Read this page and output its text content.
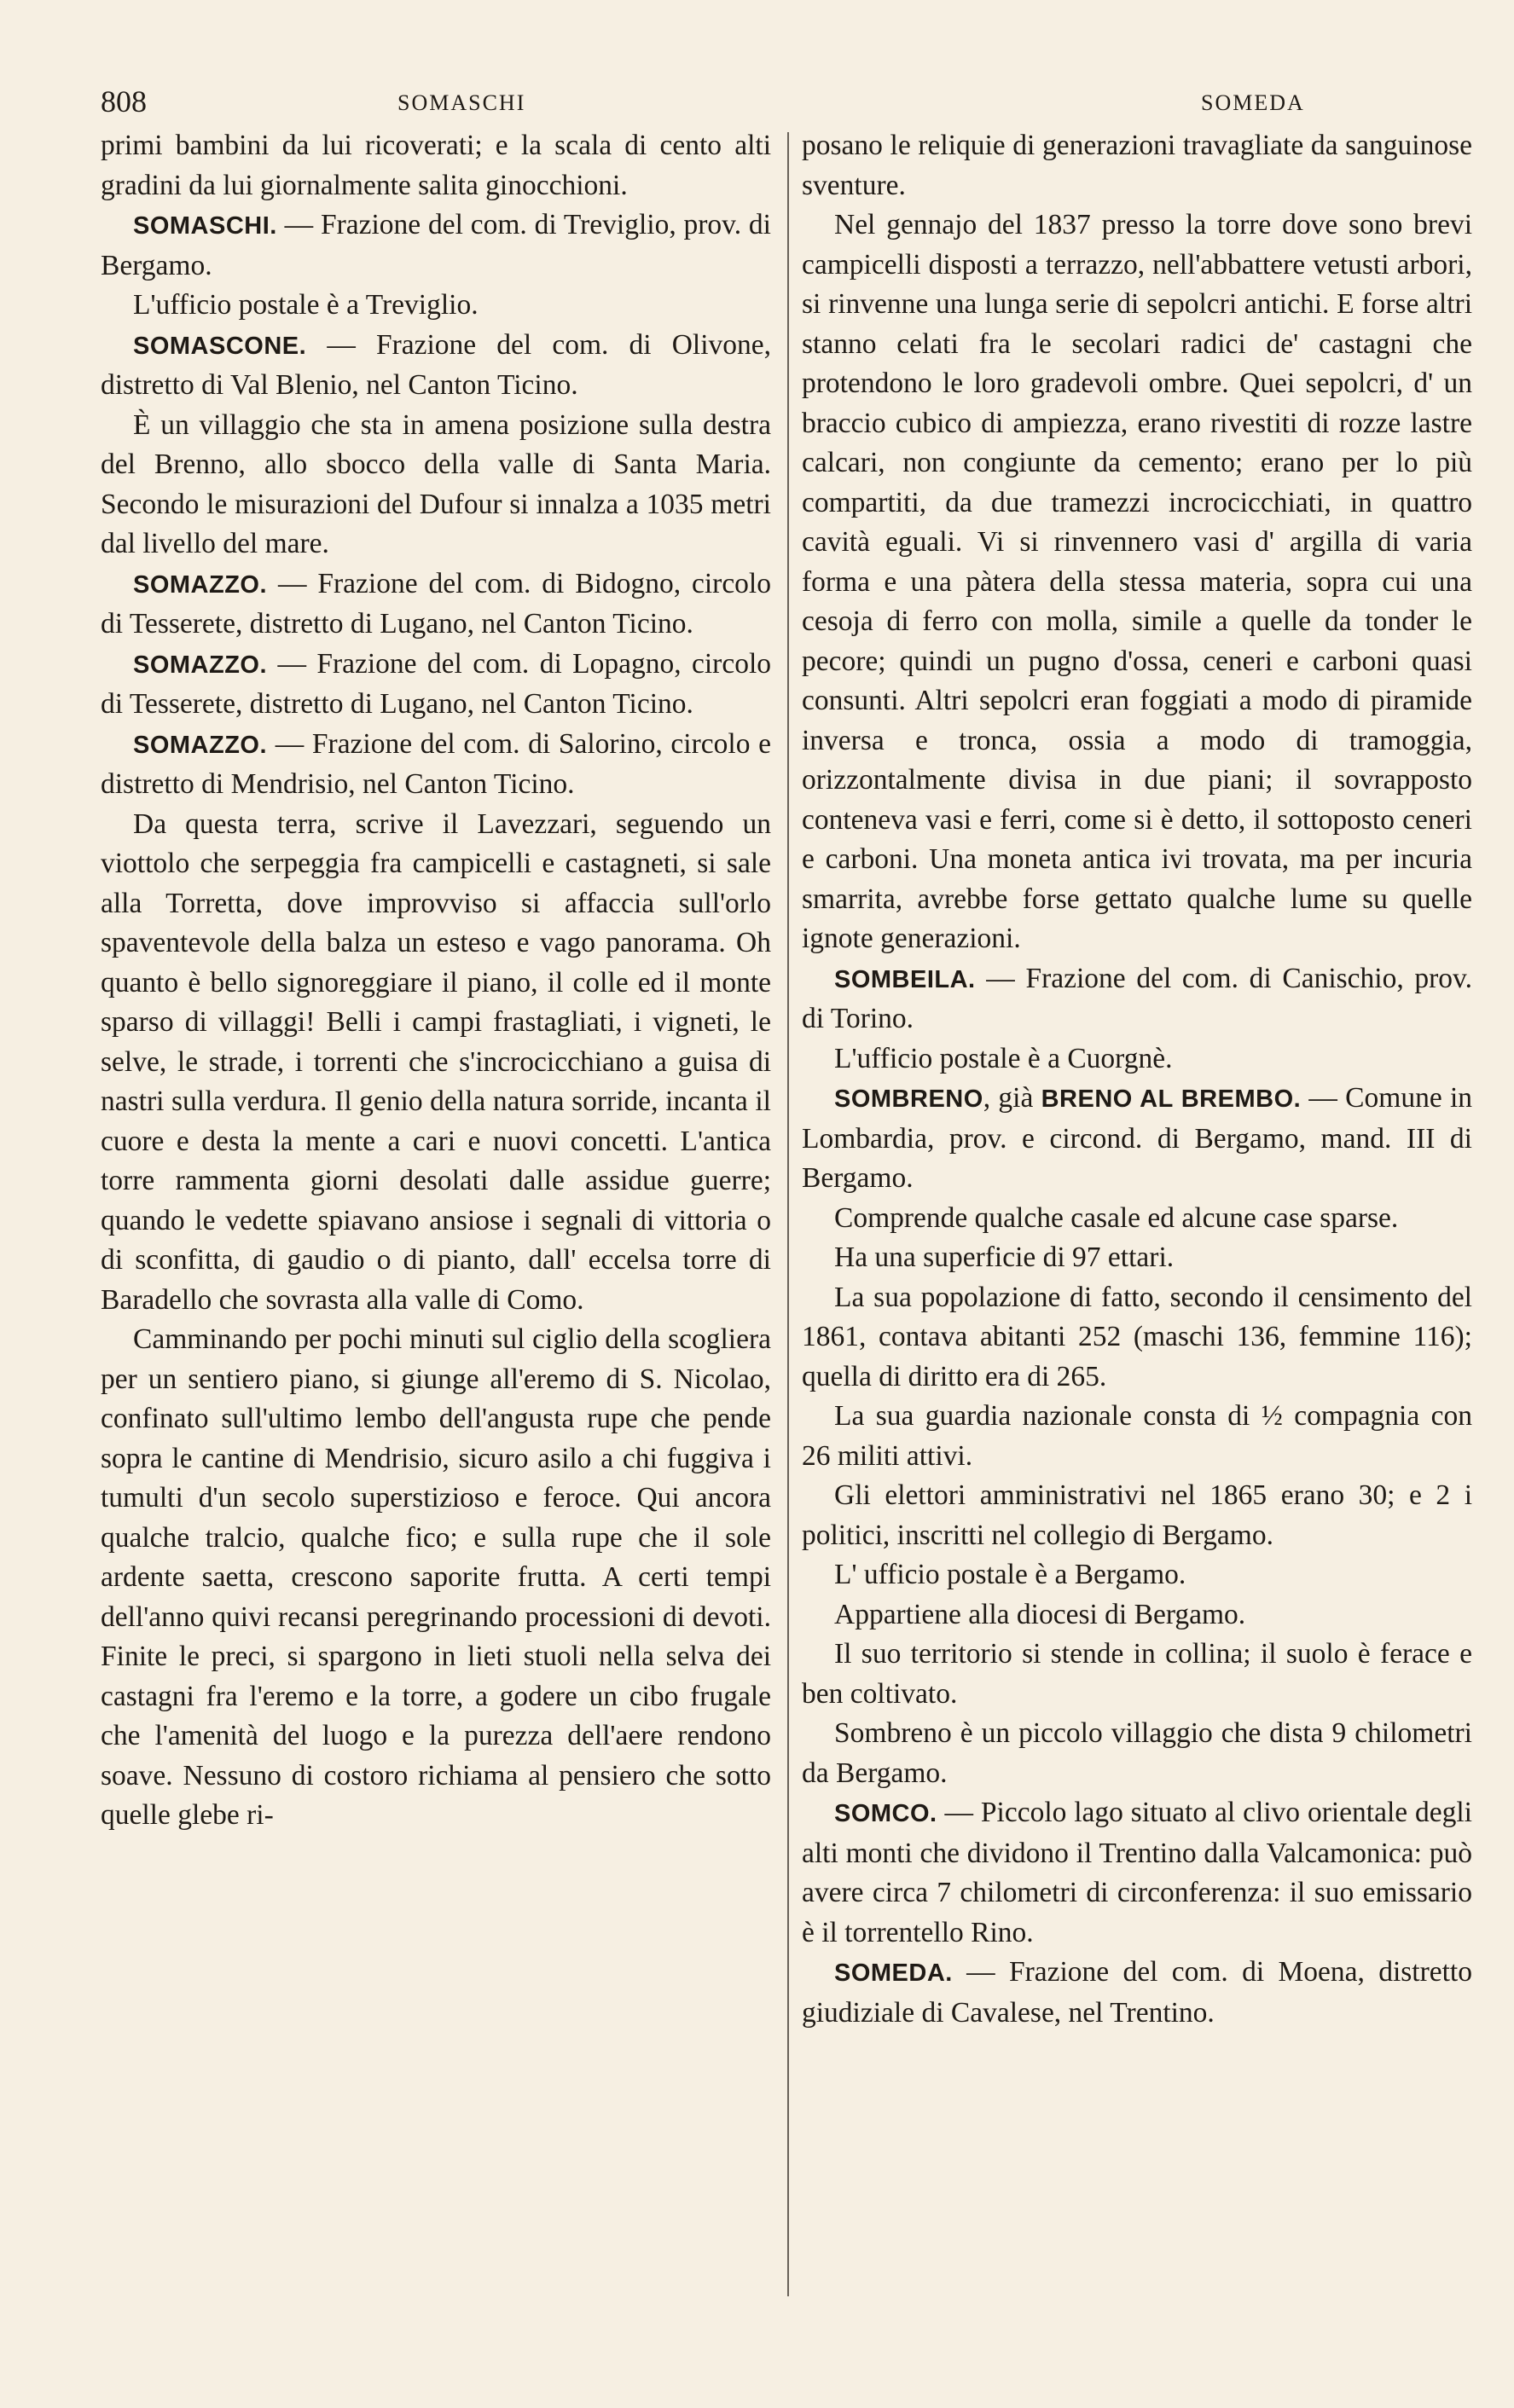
808	SOMASCHI	SOMEDA

primi bambini da lui ricoverati; e la scala di cento alti gradini da lui giornalmente salita ginocchioni.

SOMASCHI. — Frazione del com. di Treviglio, prov. di Bergamo.

L'ufficio postale è a Treviglio.

SOMASCONE. — Frazione del com. di Olivone, distretto di Val Blenio, nel Canton Ticino.

È un villaggio che sta in amena posizione sulla destra del Brenno, allo sbocco della valle di Santa Maria. Secondo le misurazioni del Dufour si innalza a 1035 metri dal livello del mare.

SOMAZZO. — Frazione del com. di Bidogno, circolo di Tesserete, distretto di Lugano, nel Canton Ticino.

SOMAZZO. — Frazione del com. di Lopagno, circolo di Tesserete, distretto di Lugano, nel Canton Ticino.

SOMAZZO. — Frazione del com. di Salorino, circolo e distretto di Mendrisio, nel Canton Ticino.

Da questa terra, scrive il Lavezzari, seguendo un viottolo che serpeggia fra campicelli e castagneti, si sale alla Torretta, dove improvviso si affaccia sull'orlo spaventevole della balza un esteso e vago panorama. Oh quanto è bello signoreggiare il piano, il colle ed il monte sparso di villaggi! Belli i campi frastagliati, i vigneti, le selve, le strade, i torrenti che s'incrocicchiano a guisa di nastri sulla verdura. Il genio della natura sorride, incanta il cuore e desta la mente a cari e nuovi concetti. L'antica torre rammenta giorni desolati dalle assidue guerre; quando le vedette spiavano ansiose i segnali di vittoria o di sconfitta, di gaudio o di pianto, dall' eccelsa torre di Baradello che sovrasta alla valle di Como.

Camminando per pochi minuti sul ciglio della scogliera per un sentiero piano, si giunge all'eremo di S. Nicolao, confinato sull'ultimo lembo dell'angusta rupe che pende sopra le cantine di Mendrisio, sicuro asilo a chi fuggiva i tumulti d'un secolo superstizioso e feroce. Qui ancora qualche tralcio, qualche fico; e sulla rupe che il sole ardente saetta, crescono saporite frutta. A certi tempi dell'anno quivi recansi peregrinando processioni di devoti. Finite le preci, si spargono in lieti stuoli nella selva dei castagni fra l'eremo e la torre, a godere un cibo frugale che l'amenità del luogo e la purezza dell'aere rendono soave. Nessuno di costoro richiama al pensiero che sotto quelle glebe ri-

posano le reliquie di generazioni travagliate da sanguinose sventure.

Nel gennajo del 1837 presso la torre dove sono brevi campicelli disposti a terrazzo, nell'abbattere vetusti arbori, si rinvenne una lunga serie di sepolcri antichi. E forse altri stanno celati fra le secolari radici de' castagni che protendono le loro gradevoli ombre. Quei sepolcri, d' un braccio cubico di ampiezza, erano rivestiti di rozze lastre calcari, non congiunte da cemento; erano per lo più compartiti, da due tramezzi incrocicchiati, in quattro cavità eguali. Vi si rinvennero vasi d' argilla di varia forma e una pàtera della stessa materia, sopra cui una cesoja di ferro con molla, simile a quelle da tonder le pecore; quindi un pugno d'ossa, ceneri e carboni quasi consunti. Altri sepolcri eran foggiati a modo di piramide inversa e tronca, ossia a modo di tramoggia, orizzontalmente divisa in due piani; il sovrapposto conteneva vasi e ferri, come si è detto, il sottoposto ceneri e carboni. Una moneta antica ivi trovata, ma per incuria smarrita, avrebbe forse gettato qualche lume su quelle ignote generazioni.

SOMBEILA. — Frazione del com. di Canischio, prov. di Torino.

L'ufficio postale è a Cuorgnè.

SOMBRENO, già BRENO AL BREMBO. — Comune in Lombardia, prov. e circond. di Bergamo, mand. III di Bergamo.

Comprende qualche casale ed alcune case sparse.

Ha una superficie di 97 ettari.

La sua popolazione di fatto, secondo il censimento del 1861, contava abitanti 252 (maschi 136, femmine 116); quella di diritto era di 265.

La sua guardia nazionale consta di ½ compagnia con 26 militi attivi.

Gli elettori amministrativi nel 1865 erano 30; e 2 i politici, inscritti nel collegio di Bergamo.

L' ufficio postale è a Bergamo.

Appartiene alla diocesi di Bergamo.

Il suo territorio si stende in collina; il suolo è ferace e ben coltivato.

Sombreno è un piccolo villaggio che dista 9 chilometri da Bergamo.

SOMCO. — Piccolo lago situato al clivo orientale degli alti monti che dividono il Trentino dalla Valcamonica: può avere circa 7 chilometri di circonferenza: il suo emissario è il torrentello Rino.

SOMEDA. — Frazione del com. di Moena, distretto giudiziale di Cavalese, nel Trentino.
